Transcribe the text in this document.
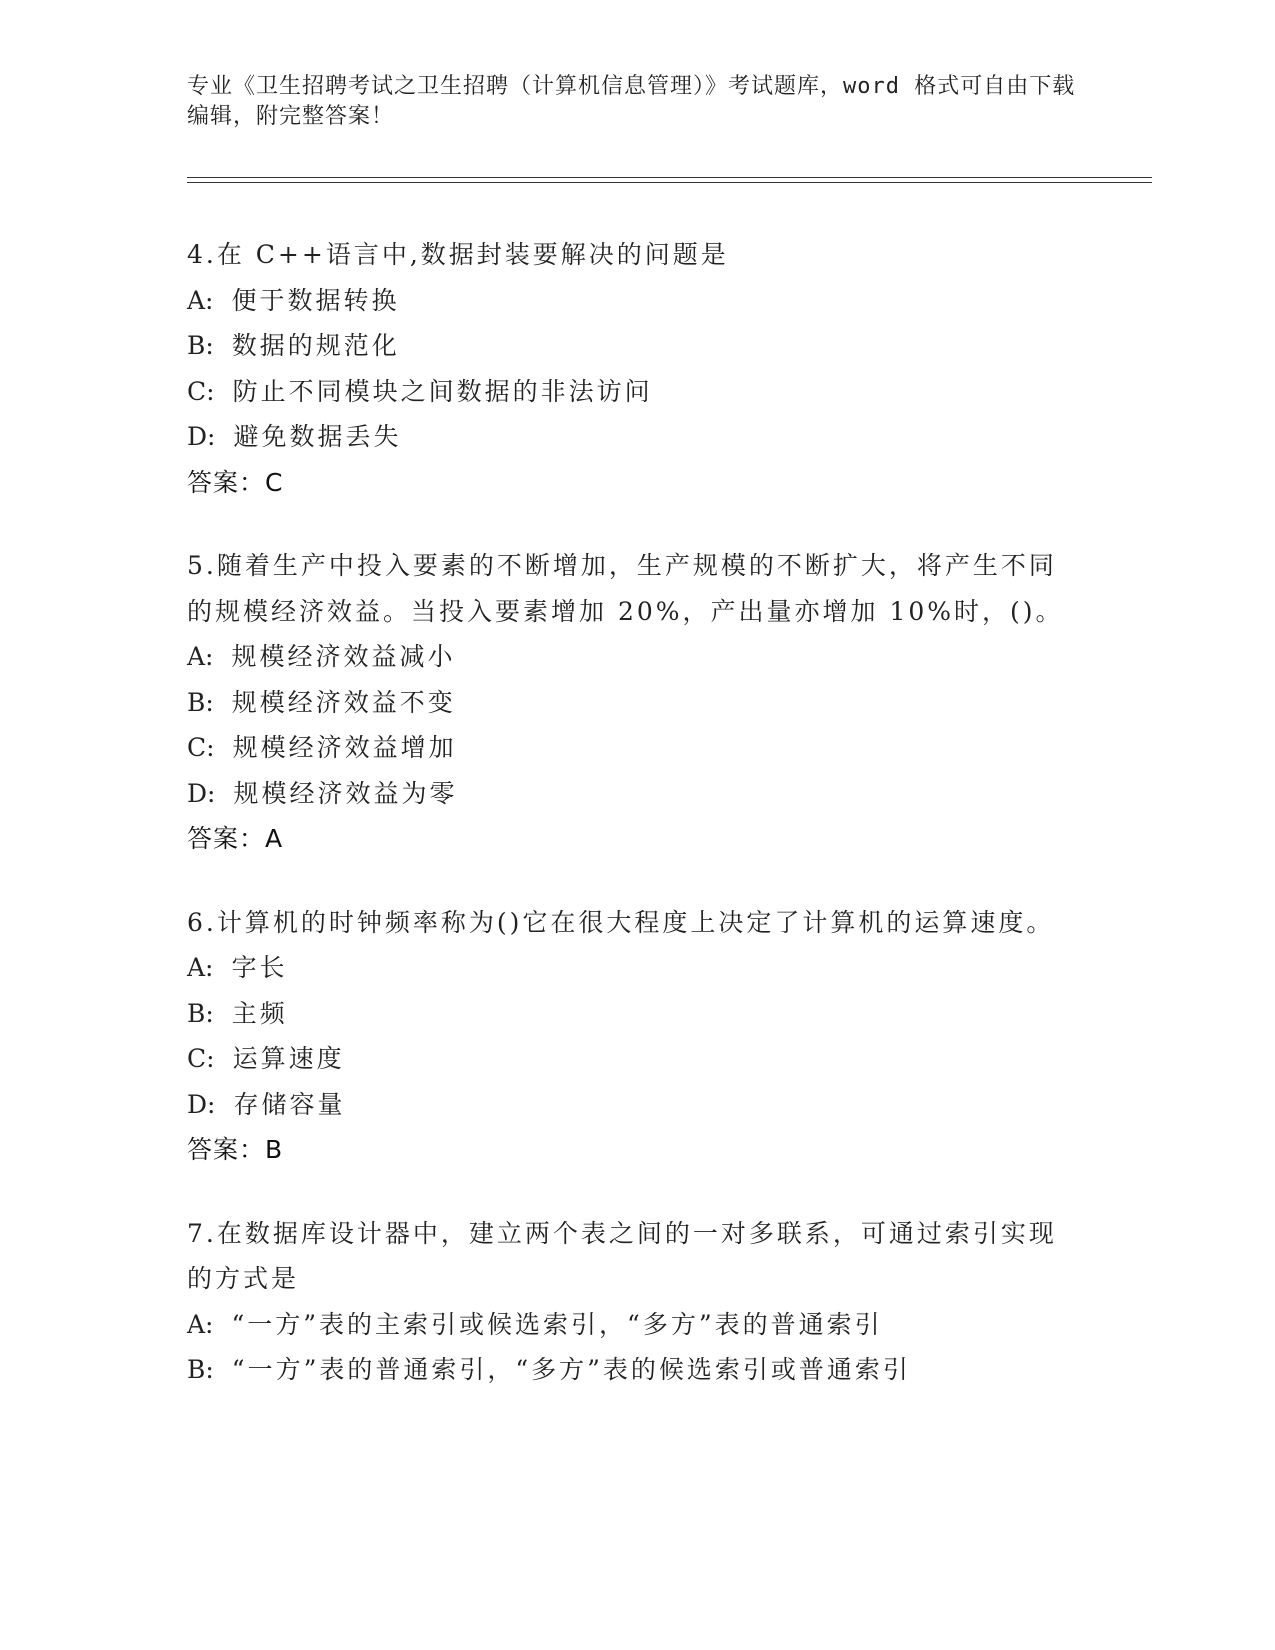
专业《卫生招聘考试之卫生招聘（计算机信息管理）》考试题库，word 格式可自由下载编辑，附完整答案！
4.在 C++语言中,数据封装要解决的问题是
A: 便于数据转换
B: 数据的规范化
C: 防止不同模块之间数据的非法访问
D: 避免数据丢失
答案：C
5.随着生产中投入要素的不断增加，生产规模的不断扩大，将产生不同的规模经济效益。当投入要素增加 20%，产出量亦增加 10%时，()。
A: 规模经济效益减小
B: 规模经济效益不变
C: 规模经济效益增加
D: 规模经济效益为零
答案：A
6.计算机的时钟频率称为()它在很大程度上决定了计算机的运算速度。
A: 字长
B: 主频
C: 运算速度
D: 存储容量
答案：B
7.在数据库设计器中，建立两个表之间的一对多联系，可通过索引实现的方式是
A: “一方”表的主索引或候选索引，“多方”表的普通索引
B: “一方”表的普通索引，“多方”表的候选索引或普通索引
